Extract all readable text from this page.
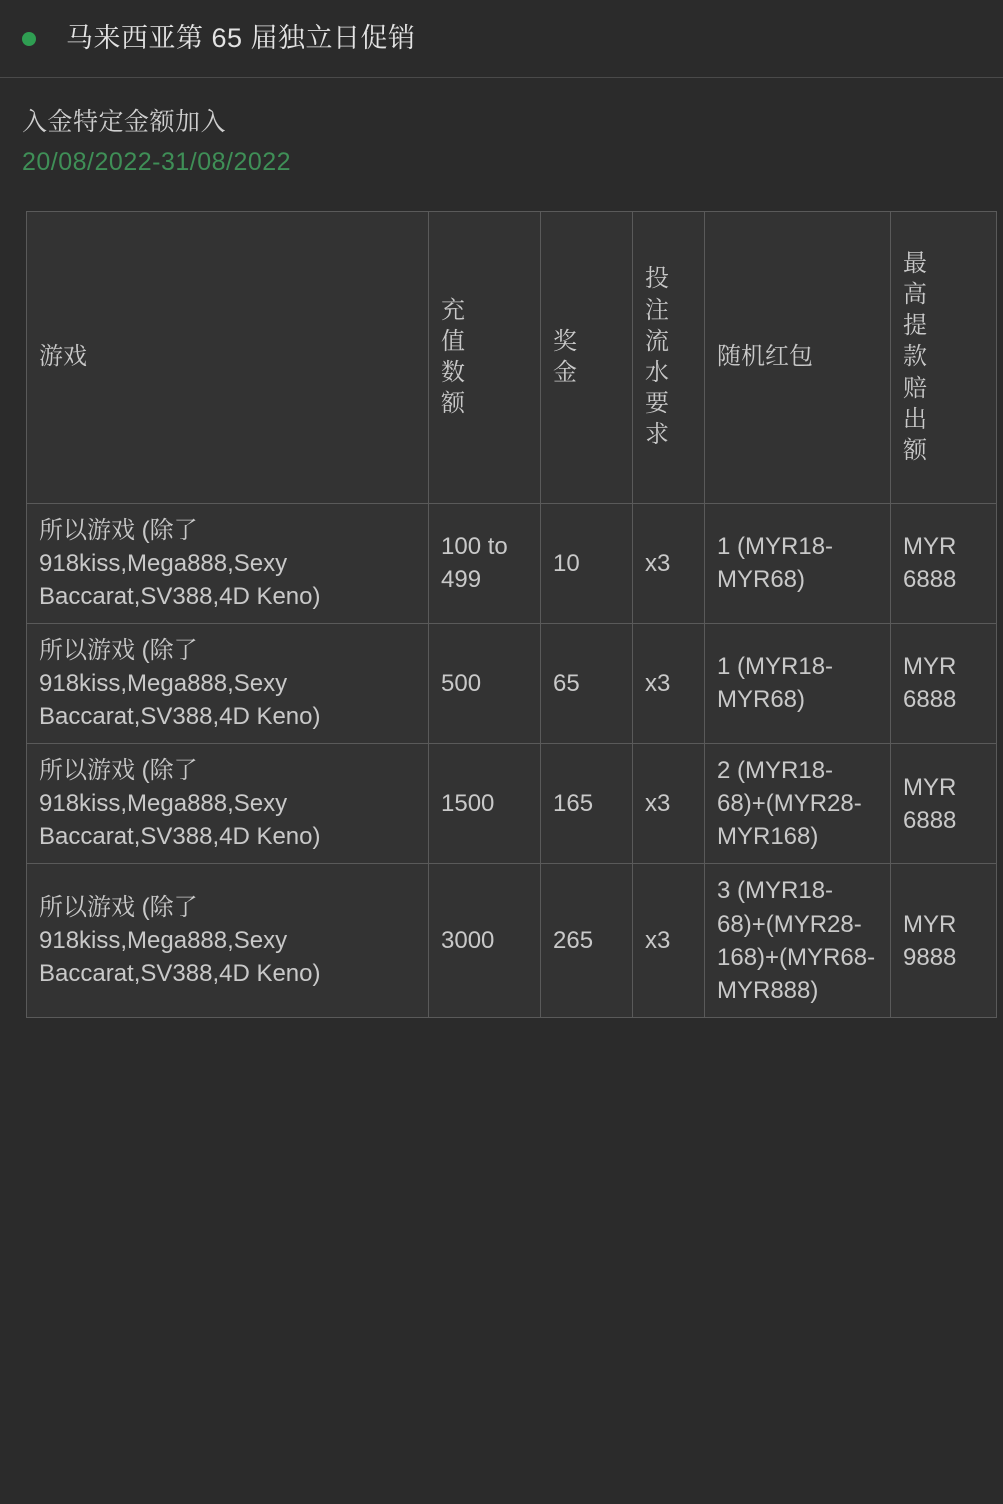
马来西亚第 65 届独立日促销
入金特定金额加入
20/08/2022-31/08/2022
游戏	充值数额	奖金	投注流水要求	随机红包	最高提款赔出额

所以游戏 (除了 918kiss,Mega888,Sexy Baccarat,SV388,4D Keno)	100 to 499	10	x3	1 (MYR18-MYR68)	MYR 6888
所以游戏 (除了 918kiss,Mega888,Sexy Baccarat,SV388,4D Keno)	500	65	x3	1 (MYR18-MYR68)	MYR 6888
所以游戏 (除了 918kiss,Mega888,Sexy Baccarat,SV388,4D Keno)	1500	165	x3	2 (MYR18-68)+(MYR28-MYR168)	MYR 6888
所以游戏 (除了 918kiss,Mega888,Sexy Baccarat,SV388,4D Keno)	3000	265	x3	3 (MYR18-68)+(MYR28-168)+(MYR68-MYR888)	MYR 9888
